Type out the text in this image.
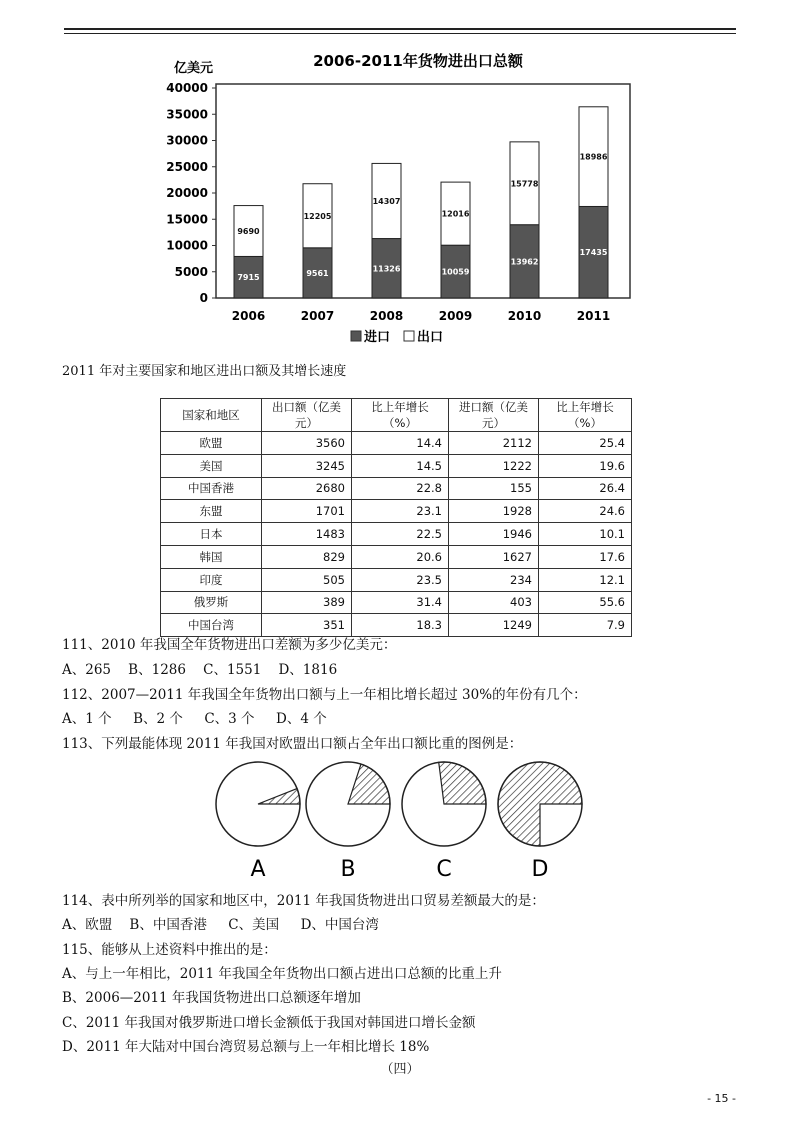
2006-2011年货物进出口总额
亿美元
0
5000
10000
15000
20000
25000
30000
35000
40000
7915
9690
9561
12205
11326
14307
10059
12016
13962
15778
17435
18986
2006	2007	2008	2009	2010	2011
进口 出口
2011 年对主要国家和地区进出口额及其增长速度
国家和地区	出口额（亿美元）	比上年增长（%）	进口额（亿美元）	比上年增长（%）
欧盟	3560	14.4	2112	25.4
美国	3245	14.5	1222	19.6
中国香港	2680	22.8	155	26.4
东盟	1701	23.1	1928	24.6
日本	1483	22.5	1946	10.1
韩国	829	20.6	1627	17.6
印度	505	23.5	234	12.1
俄罗斯	389	31.4	403	55.6
中国台湾	351	18.3	1249	7.9
111、2010 年我国全年货物进出口差额为多少亿美元：
A、265    B、1286    C、1551    D、1816
112、2007—2011 年我国全年货物出口额与上一年相比增长超过 30%的年份有几个：
A、1 个     B、2 个     C、3 个     D、4 个
113、下列最能体现 2011 年我国对欧盟出口额占全年出口额比重的图例是：
A	B	C	D
114、表中所列举的国家和地区中，2011 年我国货物进出口贸易差额最大的是：
A、欧盟    B、中国香港     C、美国     D、中国台湾
115、能够从上述资料中推出的是：
A、与上一年相比，2011 年我国全年货物出口额占进出口总额的比重上升
B、2006—2011 年我国货物进出口总额逐年增加
C、2011 年我国对俄罗斯进口增长金额低于我国对韩国进口增长金额
D、2011 年大陆对中国台湾贸易总额与上一年相比增长 18%
（四）
- 15 -
